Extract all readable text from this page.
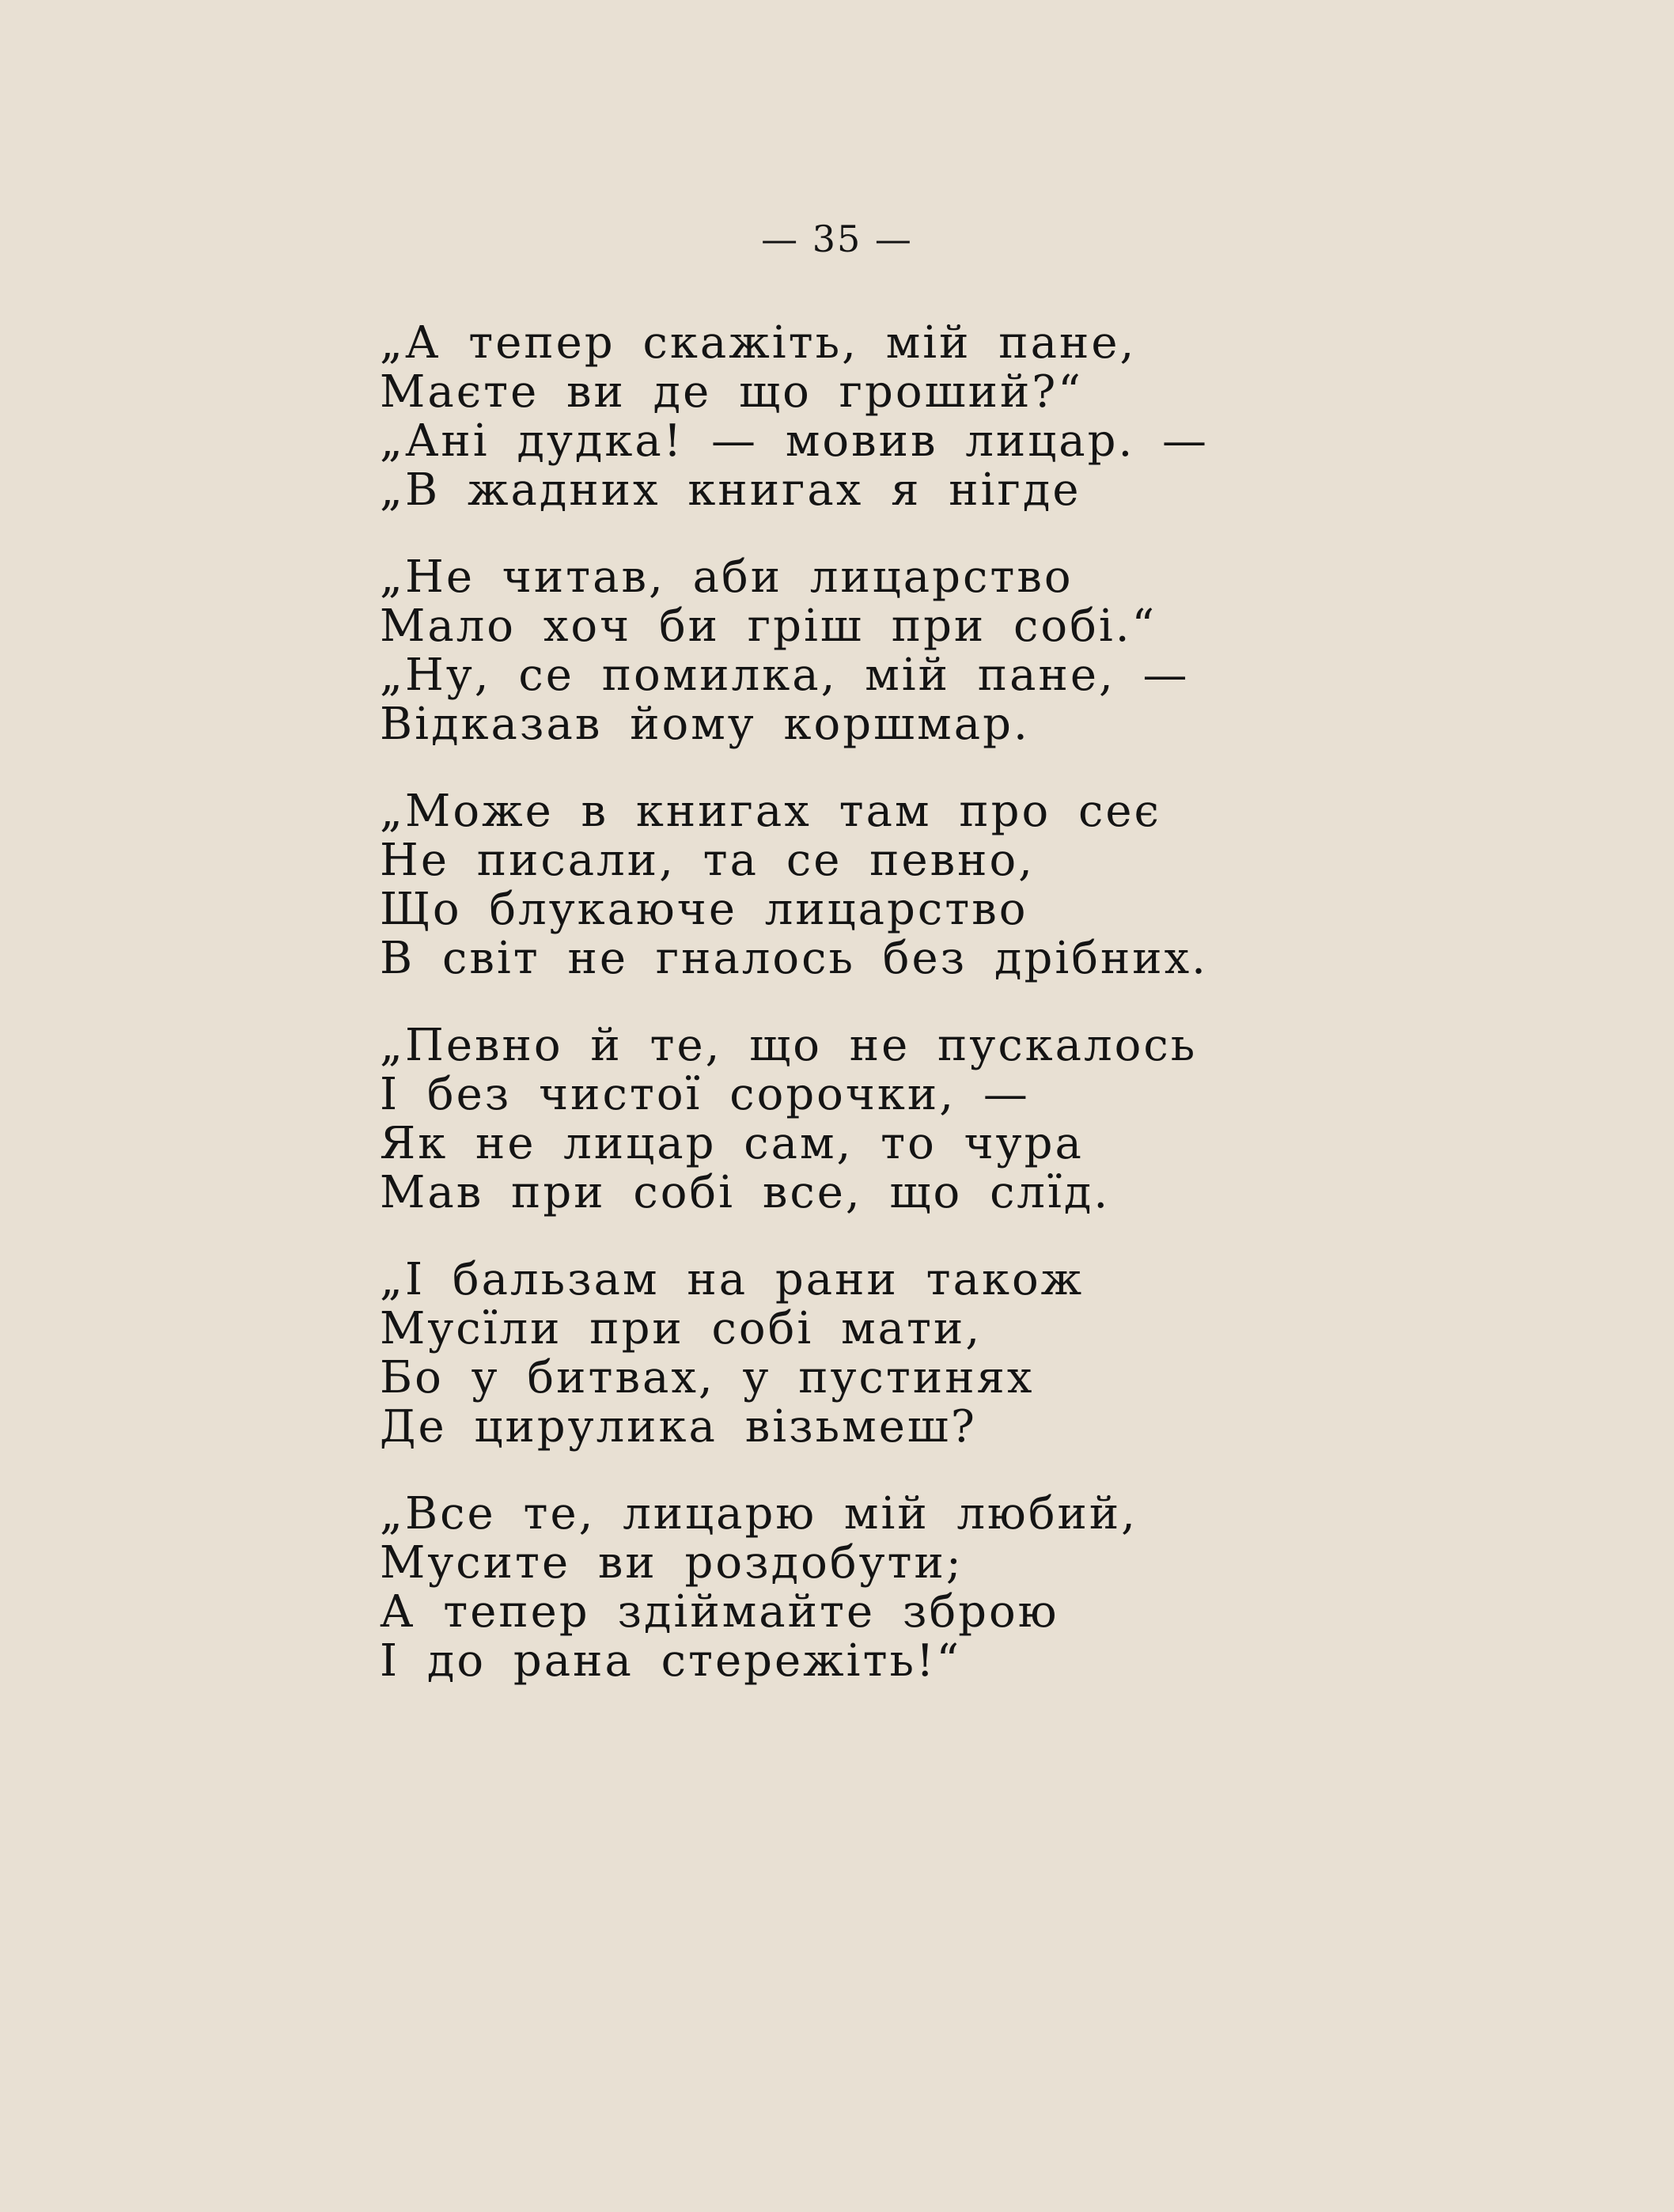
— 35 —
„А тепер скажіть, мій пане,
Маєте ви де що гроший?“
„Ані дудка! — мовив лицар. —
„В жадних книгах я нігде
„Не читав, аби лицарство
Мало хоч би гріш при собі.“
„Ну, се помилка, мій пане, —
Відказав йому коршмар.
„Може в книгах там про сеє
Не писали, та се певно,
Що блукаюче лицарство
В світ не гналось без дрібних.
„Певно й те, що не пускалось
І без чистої сорочки, —
Як не лицар сам, то чура
Мав при собі все, що слїд.
„І бальзам на рани також
Мусїли при собі мати,
Бо у битвах, у пустинях
Де цирулика візьмеш?
„Все те, лицарю мій любий,
Мусите ви роздобути;
А тепер здіймайте зброю
І до рана стережіть!“
